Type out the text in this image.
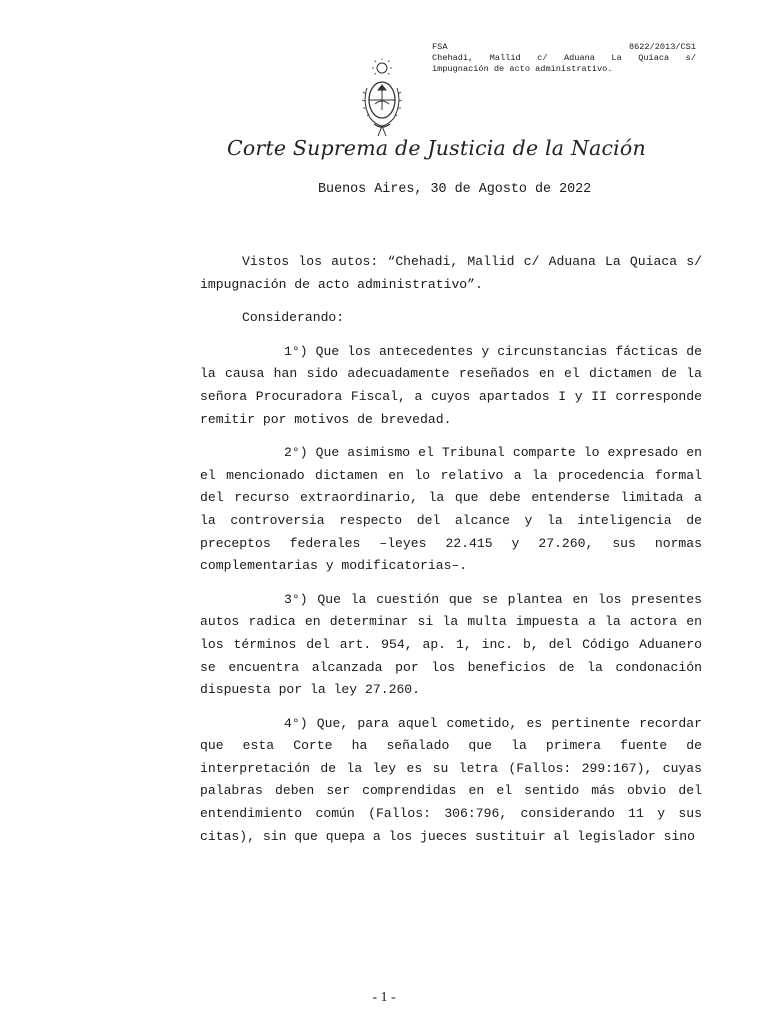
FSA 8622/2013/CS1
Chehadi, Mallid c/ Aduana La Quiaca s/
impugnación de acto administrativo.
Corte Suprema de Justicia de la Nación
Buenos Aires, 30 de Agosto de 2022

Vistos los autos: “Chehadi, Mallid c/ Aduana La Quiaca s/ impugnación de acto administrativo”.

Considerando:

1°) Que los antecedentes y circunstancias fácticas de la causa han sido adecuadamente reseñados en el dictamen de la señora Procuradora Fiscal, a cuyos apartados I y II corresponde remitir por motivos de brevedad.

2°) Que asimismo el Tribunal comparte lo expresado en el mencionado dictamen en lo relativo a la procedencia formal del recurso extraordinario, la que debe entenderse limitada a la controversia respecto del alcance y la inteligencia de preceptos federales –leyes 22.415 y 27.260, sus normas complementarias y modificatorias–.

3°) Que la cuestión que se plantea en los presentes autos radica en determinar si la multa impuesta a la actora en los términos del art. 954, ap. 1, inc. b, del Código Aduanero se encuentra alcanzada por los beneficios de la condonación dispuesta por la ley 27.260.

4°) Que, para aquel cometido, es pertinente recordar que esta Corte ha señalado que la primera fuente de interpretación de la ley es su letra (Fallos: 299:167), cuyas palabras deben ser comprendidas en el sentido más obvio del entendimiento común (Fallos: 306:796, considerando 11 y sus citas), sin que quepa a los jueces sustituir al legislador sino

- 1 -
